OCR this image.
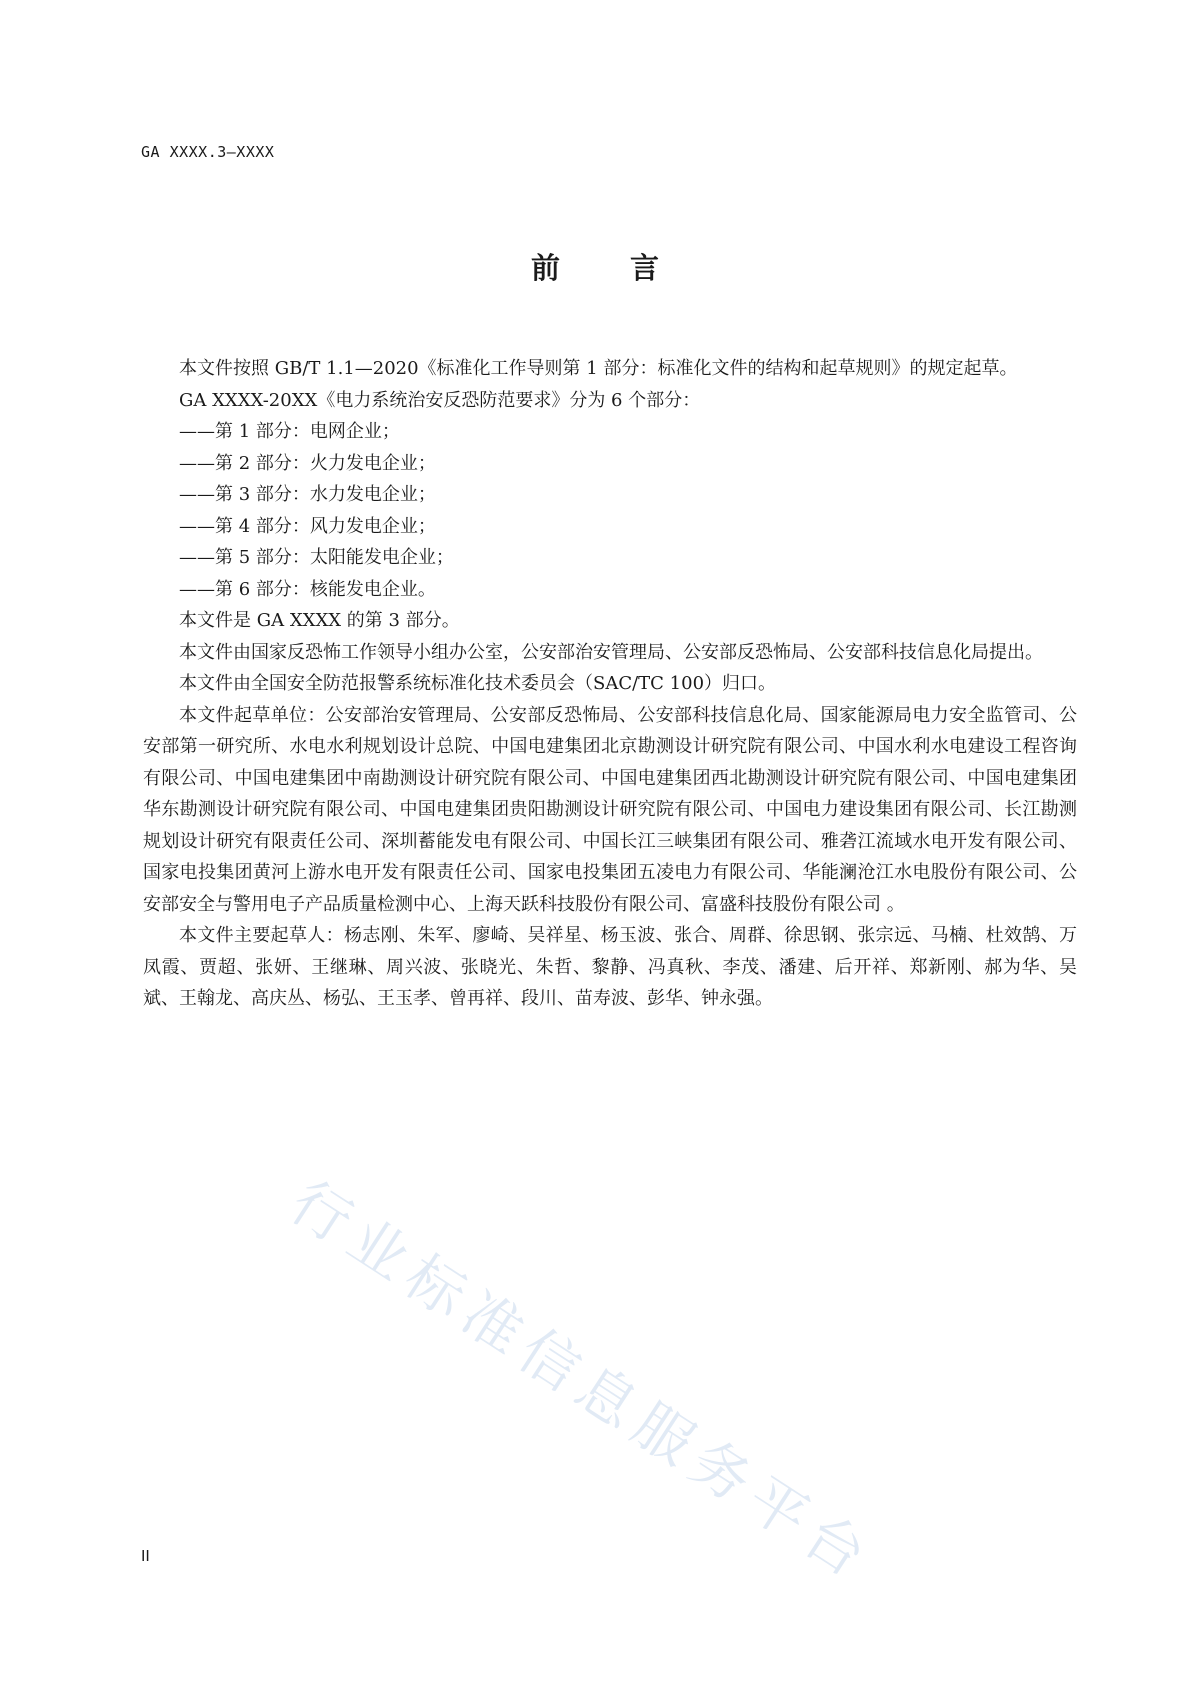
GA XXXX.3—XXXX
前 言

本文件按照 GB/T 1.1—2020《标准化工作导则第 1 部分：标准化文件的结构和起草规则》的规定起草。

GA XXXX-20XX《电力系统治安反恐防范要求》分为 6 个部分：

——第 1 部分：电网企业；

——第 2 部分：火力发电企业；

——第 3 部分：水力发电企业；

——第 4 部分：风力发电企业；

——第 5 部分：太阳能发电企业；

——第 6 部分：核能发电企业。

本文件是 GA XXXX 的第 3 部分。

本文件由国家反恐怖工作领导小组办公室，公安部治安管理局、公安部反恐怖局、公安部科技信息化局提出。

本文件由全国安全防范报警系统标准化技术委员会（SAC/TC 100）归口。

本文件起草单位：公安部治安管理局、公安部反恐怖局、公安部科技信息化局、国家能源局电力安全监管司、公安部第一研究所、水电水利规划设计总院、中国电建集团北京勘测设计研究院有限公司、中国水利水电建设工程咨询有限公司、中国电建集团中南勘测设计研究院有限公司、中国电建集团西北勘测设计研究院有限公司、中国电建集团华东勘测设计研究院有限公司、中国电建集团贵阳勘测设计研究院有限公司、中国电力建设集团有限公司、长江勘测规划设计研究有限责任公司、深圳蓄能发电有限公司、中国长江三峡集团有限公司、雅砻江流域水电开发有限公司、国家电投集团黄河上游水电开发有限责任公司、国家电投集团五凌电力有限公司、华能澜沧江水电股份有限公司、公安部安全与警用电子产品质量检测中心、上海天跃科技股份有限公司、富盛科技股份有限公司 。

本文件主要起草人：杨志刚、朱军、廖崎、吴祥星、杨玉波、张合、周群、徐思钢、张宗远、马楠、杜效鹄、万凤霞、贾超、张妍、王继琳、周兴波、张晓光、朱哲、黎静、冯真秋、李茂、潘建、后开祥、郑新刚、郝为华、吴斌、王翰龙、高庆丛、杨弘、王玉孝、曾再祥、段川、苗寿波、彭华、钟永强。

行业标准信息服务平台
II
